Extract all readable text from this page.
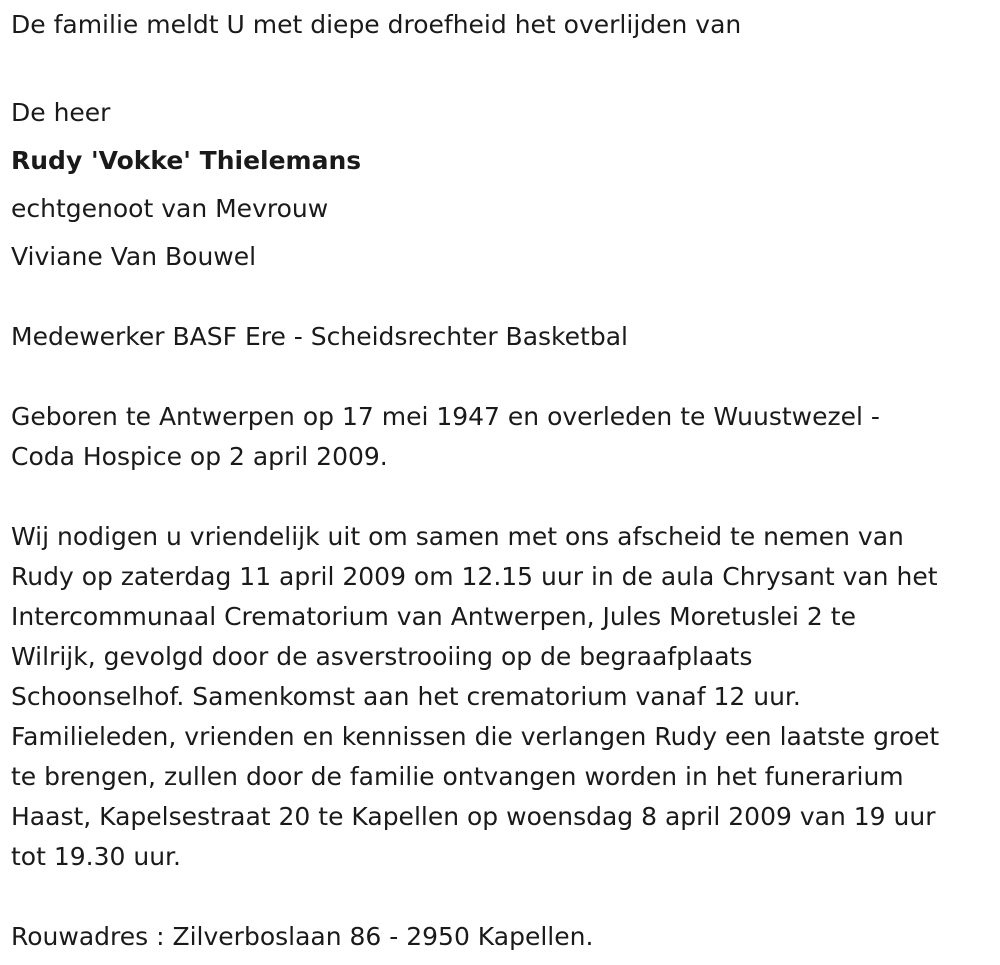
De familie meldt U met diepe droefheid het overlijden van
De heer
Rudy 'Vokke' Thielemans
echtgenoot van Mevrouw
Viviane Van Bouwel
Medewerker BASF Ere - Scheidsrechter Basketbal
Geboren te Antwerpen op 17 mei 1947 en overleden te Wuustwezel -
Coda Hospice op 2 april 2009.
Wij nodigen u vriendelijk uit om samen met ons afscheid te nemen van
Rudy op zaterdag 11 april 2009 om 12.15 uur in de aula Chrysant van het
Intercommunaal Crematorium van Antwerpen, Jules Moretuslei 2 te
Wilrijk, gevolgd door de asverstrooiing op de begraafplaats
Schoonselhof. Samenkomst aan het crematorium vanaf 12 uur.
Familieleden, vrienden en kennissen die verlangen Rudy een laatste groet
te brengen, zullen door de familie ontvangen worden in het funerarium
Haast, Kapelsestraat 20 te Kapellen op woensdag 8 april 2009 van 19 uur
tot 19.30 uur.
Rouwadres : Zilverboslaan 86 - 2950 Kapellen.
